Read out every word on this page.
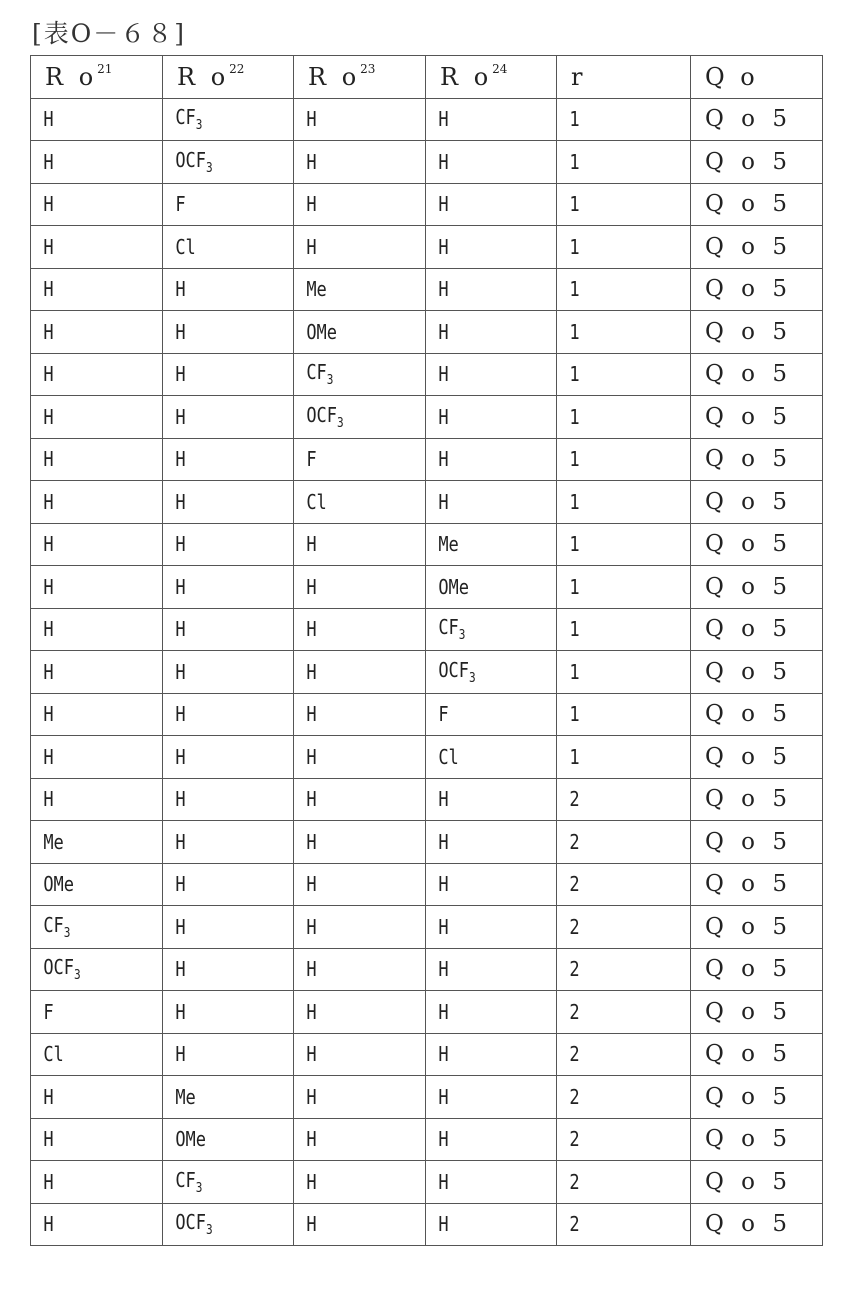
[表O－６８]
R $o^{21}$	R $o^{22}$	R $o^{23}$	R $o^{24}$	r	Q o
H	$CF_3$	H	H	1	Q o 5
H	$OCF_3$	H	H	1	Q o 5
H	F	H	H	1	Q o 5
H	Cl	H	H	1	Q o 5
H	H	Me	H	1	Q o 5
H	H	OMe	H	1	Q o 5
H	H	$CF_3$	H	1	Q o 5
H	H	$OCF_3$	H	1	Q o 5
H	H	F	H	1	Q o 5
H	H	Cl	H	1	Q o 5
H	H	H	Me	1	Q o 5
H	H	H	OMe	1	Q o 5
H	H	H	$CF_3$	1	Q o 5
H	H	H	$OCF_3$	1	Q o 5
H	H	H	F	1	Q o 5
H	H	H	Cl	1	Q o 5
H	H	H	H	2	Q o 5
Me	H	H	H	2	Q o 5
OMe	H	H	H	2	Q o 5
$CF_3$	H	H	H	2	Q o 5
$OCF_3$	H	H	H	2	Q o 5
F	H	H	H	2	Q o 5
Cl	H	H	H	2	Q o 5
H	Me	H	H	2	Q o 5
H	OMe	H	H	2	Q o 5
H	$CF_3$	H	H	2	Q o 5
H	$OCF_3$	H	H	2	Q o 5
